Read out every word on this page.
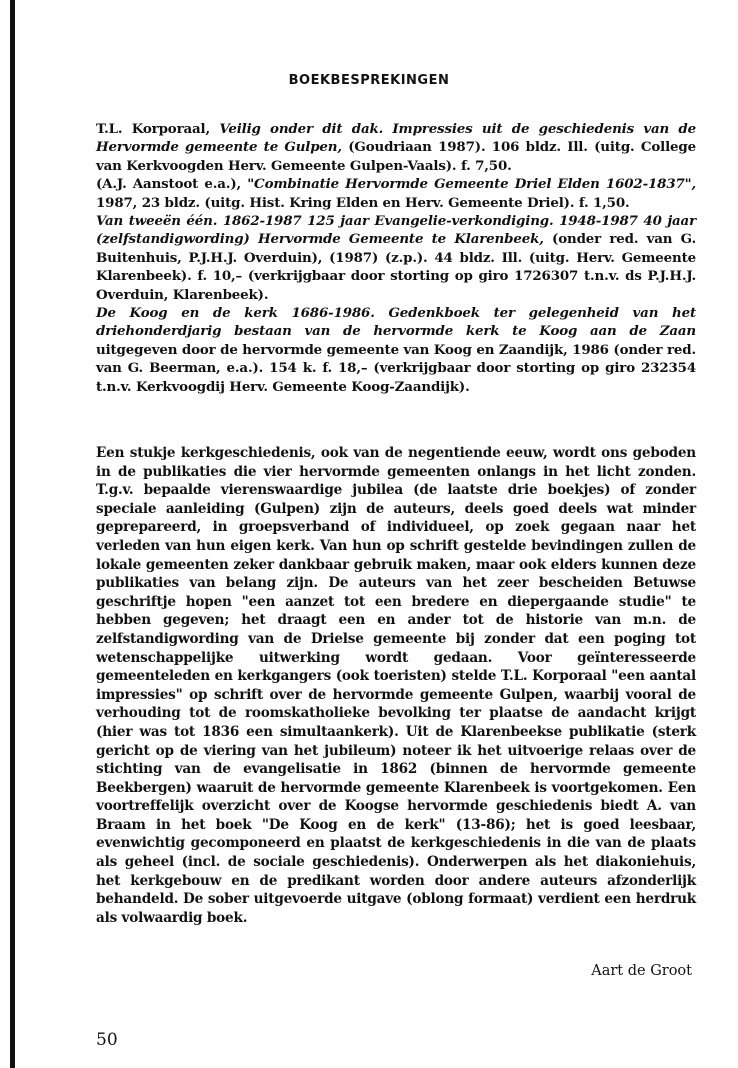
BOEKBESPREKINGEN

T.L. Korporaal, Veilig onder dit dak. Impressies uit de geschiedenis van de Hervormde gemeente te Gulpen, (Goudriaan 1987). 106 bldz. Ill. (uitg. College van Kerkvoogden Herv. Gemeente Gulpen-Vaals). f. 7,50.

(A.J. Aanstoot e.a.), "Combinatie Hervormde Gemeente Driel Elden 1602-1837", 1987, 23 bldz. (uitg. Hist. Kring Elden en Herv. Gemeente Driel). f. 1,50.

Van tweeën één. 1862-1987 125 jaar Evangelie-verkondiging. 1948-1987 40 jaar (zelfstandigwording) Hervormde Gemeente te Klarenbeek, (onder red. van G. Buitenhuis, P.J.H.J. Overduin), (1987) (z.p.). 44 bldz. Ill. (uitg. Herv. Gemeente Klarenbeek). f. 10,– (verkrijgbaar door storting op giro 1726307 t.n.v. ds P.J.H.J. Overduin, Klarenbeek).

De Koog en de kerk 1686-1986. Gedenkboek ter gelegenheid van het driehonderdjarig bestaan van de hervormde kerk te Koog aan de Zaan uitgegeven door de hervormde gemeente van Koog en Zaandijk, 1986 (onder red. van G. Beerman, e.a.). 154 k. f. 18,– (verkrijgbaar door storting op giro 232354 t.n.v. Kerkvoogdij Herv. Gemeente Koog-Zaandijk).

Een stukje kerkgeschiedenis, ook van de negentiende eeuw, wordt ons geboden in de publikaties die vier hervormde gemeenten onlangs in het licht zonden. T.g.v. bepaalde vierenswaardige jubilea (de laatste drie boekjes) of zonder speciale aanleiding (Gulpen) zijn de auteurs, deels goed deels wat minder geprepareerd, in groepsverband of individueel, op zoek gegaan naar het verleden van hun eigen kerk. Van hun op schrift gestelde bevindingen zullen de lokale gemeenten zeker dankbaar gebruik maken, maar ook elders kunnen deze publikaties van belang zijn. De auteurs van het zeer bescheiden Betuwse geschriftje hopen "een aanzet tot een bredere en diepergaande studie" te hebben gegeven; het draagt een en ander tot de historie van m.n. de zelfstandigwording van de Drielse gemeente bij zonder dat een poging tot wetenschappelijke uitwerking wordt gedaan. Voor geïnteresseerde gemeenteleden en kerkgangers (ook toeristen) stelde T.L. Korporaal "een aantal impressies" op schrift over de hervormde gemeente Gulpen, waarbij vooral de verhouding tot de roomskatholieke bevolking ter plaatse de aandacht krijgt (hier was tot 1836 een simultaankerk). Uit de Klarenbeekse publikatie (sterk gericht op de viering van het jubileum) noteer ik het uitvoerige relaas over de stichting van de evangelisatie in 1862 (binnen de hervormde gemeente Beekbergen) waaruit de hervormde gemeente Klarenbeek is voortgekomen. Een voortreffelijk overzicht over de Koogse hervormde geschiedenis biedt A. van Braam in het boek "De Koog en de kerk" (13-86); het is goed leesbaar, evenwichtig gecomponeerd en plaatst de kerkgeschiedenis in die van de plaats als geheel (incl. de sociale geschiedenis). Onderwerpen als het diakoniehuis, het kerkgebouw en de predikant worden door andere auteurs afzonderlijk behandeld. De sober uitgevoerde uitgave (oblong formaat) verdient een herdruk als volwaardig boek.

Aart de Groot
50
